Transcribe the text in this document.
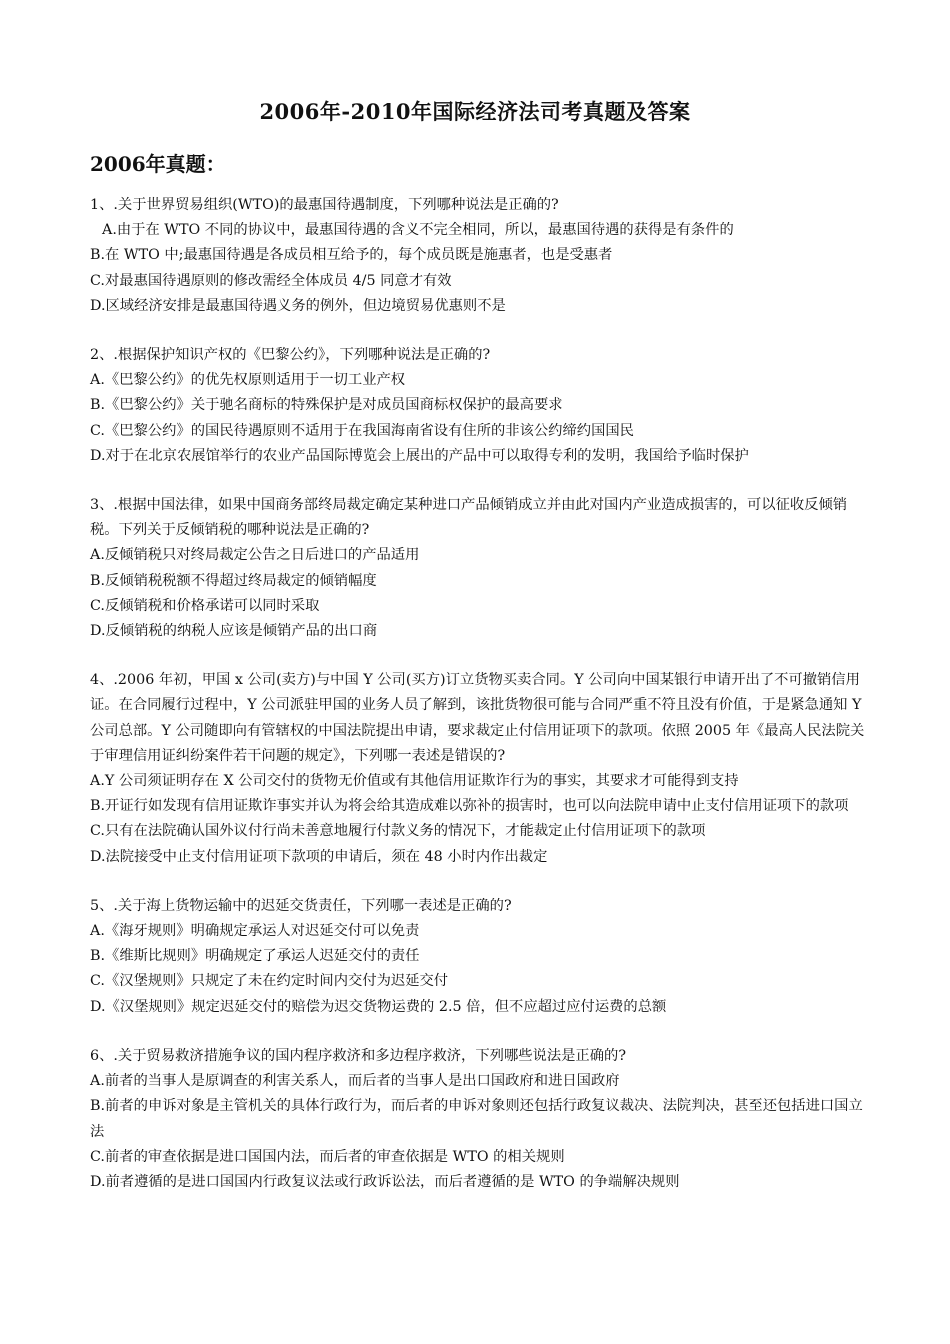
2006年-2010年国际经济法司考真题及答案
2006年真题：
1、.关于世界贸易组织(WTO)的最惠国待遇制度，下列哪种说法是正确的?
A.由于在 WTO 不同的协议中，最惠国待遇的含义不完全相同，所以，最惠国待遇的获得是有条件的
B.在 WTO 中;最惠国待遇是各成员相互给予的，每个成员既是施惠者，也是受惠者
C.对最惠国待遇原则的修改需经全体成员 4/5 同意才有效
D.区域经济安排是最惠国待遇义务的例外，但边境贸易优惠则不是
2、.根据保护知识产权的《巴黎公约》，下列哪种说法是正确的?
A.《巴黎公约》的优先权原则适用于一切工业产权
B.《巴黎公约》关于驰名商标的特殊保护是对成员国商标权保护的最高要求
C.《巴黎公约》的国民待遇原则不适用于在我国海南省设有住所的非该公约缔约国国民
D.对于在北京农展馆举行的农业产品国际博览会上展出的产品中可以取得专利的发明，我国给予临时保护
3、.根据中国法律，如果中国商务部终局裁定确定某种进口产品倾销成立并由此对国内产业造成损害的，可以征收反倾销税。下列关于反倾销税的哪种说法是正确的?
A.反倾销税只对终局裁定公告之日后进口的产品适用
B.反倾销税税额不得超过终局裁定的倾销幅度
C.反倾销税和价格承诺可以同时采取
D.反倾销税的纳税人应该是倾销产品的出口商
4、.2006 年初，甲国 x 公司(卖方)与中国 Y 公司(买方)订立货物买卖合同。Y 公司向中国某银行申请开出了不可撤销信用证。在合同履行过程中，Y 公司派驻甲国的业务人员了解到，该批货物很可能与合同严重不符且没有价值，于是紧急通知 Y 公司总部。Y 公司随即向有管辖权的中国法院提出申请，要求裁定止付信用证项下的款项。依照 2005 年《最高人民法院关于审理信用证纠纷案件若干问题的规定》，下列哪一表述是错误的?
A.Y 公司须证明存在 X 公司交付的货物无价值或有其他信用证欺诈行为的事实，其要求才可能得到支持
B.开证行如发现有信用证欺诈事实并认为将会给其造成难以弥补的损害时，也可以向法院申请中止支付信用证项下的款项
C.只有在法院确认国外议付行尚未善意地履行付款义务的情况下，才能裁定止付信用证项下的款项
D.法院接受中止支付信用证项下款项的申请后，须在 48 小时内作出裁定
5、.关于海上货物运输中的迟延交货责任，下列哪一表述是正确的?
A.《海牙规则》明确规定承运人对迟延交付可以免责
B.《维斯比规则》明确规定了承运人迟延交付的责任
C.《汉堡规则》只规定了未在约定时间内交付为迟延交付
D.《汉堡规则》规定迟延交付的赔偿为迟交货物运费的 2.5 倍，但不应超过应付运费的总额
6、.关于贸易救济措施争议的国内程序救济和多边程序救济，下列哪些说法是正确的?
A.前者的当事人是原调查的利害关系人，而后者的当事人是出口国政府和进日国政府
B.前者的申诉对象是主管机关的具体行政行为，而后者的申诉对象则还包括行政复议裁决、法院判决，甚至还包括进口国立法
C.前者的审查依据是进口国国内法，而后者的审查依据是 WTO 的相关规则
D.前者遵循的是进口国国内行政复议法或行政诉讼法，而后者遵循的是 WTO 的争端解决规则
